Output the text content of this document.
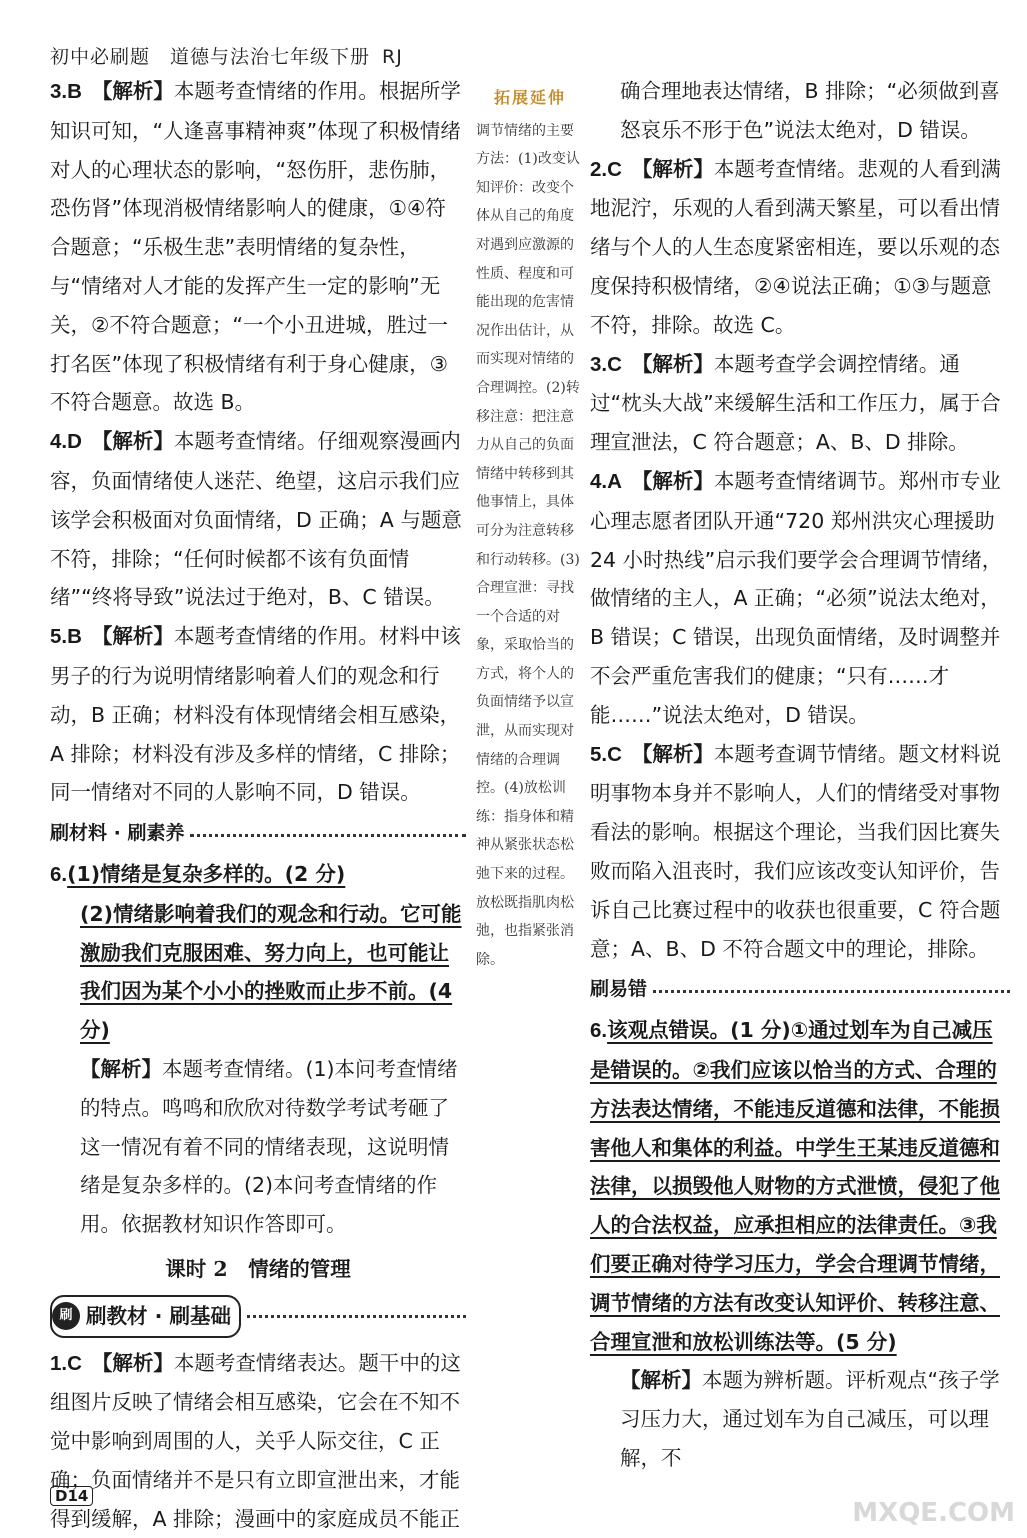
初中必刷题　道德与法治七年级下册 RJ

3.B 【解析】本题考查情绪的作用。根据所学知识可知，“人逢喜事精神爽”体现了积极情绪对人的心理状态的影响，“怒伤肝，悲伤肺，恐伤肾”体现消极情绪影响人的健康，①④符合题意；“乐极生悲”表明情绪的复杂性，与“情绪对人才能的发挥产生一定的影响”无关，②不符合题意；“一个小丑进城，胜过一打名医”体现了积极情绪有利于身心健康，③不符合题意。故选 B。

4.D 【解析】本题考查情绪。仔细观察漫画内容，负面情绪使人迷茫、绝望，这启示我们应该学会积极面对负面情绪，D 正确；A 与题意不符，排除；“任何时候都不该有负面情绪”“终将导致”说法过于绝对，B、C 错误。

5.B 【解析】本题考查情绪的作用。材料中该男子的行为说明情绪影响着人们的观念和行动，B 正确；材料没有体现情绪会相互感染，A 排除；材料没有涉及多样的情绪，C 排除；同一情绪对不同的人影响不同，D 错误。

刷材料 · 刷素养

6.(1)情绪是复杂多样的。(2 分)

(2)情绪影响着我们的观念和行动。它可能激励我们克服困难、努力向上，也可能让我们因为某个小小的挫败而止步不前。(4 分)

【解析】本题考查情绪。(1)本问考查情绪的特点。鸣鸣和欣欣对待数学考试考砸了这一情况有着不同的情绪表现，这说明情绪是复杂多样的。(2)本问考查情绪的作用。依据教材知识作答即可。

课时 2　情绪的管理
刷 刷教材 · 刷基础

1.C 【解析】本题考查情绪表达。题干中的这组图片反映了情绪会相互感染，它会在不知不觉中影响到周围的人，关乎人际交往，C 正确；负面情绪并不是只有立即宣泄出来，才能得到缓解，A 排除；漫画中的家庭成员不能正

拓展延伸

调节情绪的主要方法：(1)改变认知评价：改变个体从自己的角度对遇到应激源的性质、程度和可能出现的危害情况作出估计，从而实现对情绪的合理调控。(2)转移注意：把注意力从自己的负面情绪中转移到其他事情上，具体可分为注意转移和行动转移。(3)合理宣泄：寻找一个合适的对象，采取恰当的方式，将个人的负面情绪予以宣泄，从而实现对情绪的合理调控。(4)放松训练：指身体和精神从紧张状态松弛下来的过程。放松既指肌肉松弛，也指紧张消除。

确合理地表达情绪，B 排除；“必须做到喜怒哀乐不形于色”说法太绝对，D 错误。

2.C 【解析】本题考查情绪。悲观的人看到满地泥泞，乐观的人看到满天繁星，可以看出情绪与个人的人生态度紧密相连，要以乐观的态度保持积极情绪，②④说法正确；①③与题意不符，排除。故选 C。

3.C 【解析】本题考查学会调控情绪。通过“枕头大战”来缓解生活和工作压力，属于合理宣泄法，C 符合题意；A、B、D 排除。

4.A 【解析】本题考查情绪调节。郑州市专业心理志愿者团队开通“720 郑州洪灾心理援助 24 小时热线”启示我们要学会合理调节情绪，做情绪的主人，A 正确；“必须”说法太绝对，B 错误；C 错误，出现负面情绪，及时调整并不会严重危害我们的健康；“只有……才能……”说法太绝对，D 错误。

5.C 【解析】本题考查调节情绪。题文材料说明事物本身并不影响人，人们的情绪受对事物看法的影响。根据这个理论，当我们因比赛失败而陷入沮丧时，我们应该改变认知评价，告诉自己比赛过程中的收获也很重要，C 符合题意；A、B、D 不符合题文中的理论，排除。

刷易错

6.该观点错误。(1 分)①通过划车为自己减压是错误的。②我们应该以恰当的方式、合理的方法表达情绪，不能违反道德和法律，不能损害他人和集体的利益。中学生王某违反道德和法律，以损毁他人财物的方式泄愤，侵犯了他人的合法权益，应承担相应的法律责任。③我们要正确对待学习压力，学会合理调节情绪，调节情绪的方法有改变认知评价、转移注意、合理宣泄和放松训练法等。(5 分)

【解析】本题为辨析题。评析观点“孩子学习压力大，通过划车为自己减压，可以理解，不

D14
MXQE.COM
